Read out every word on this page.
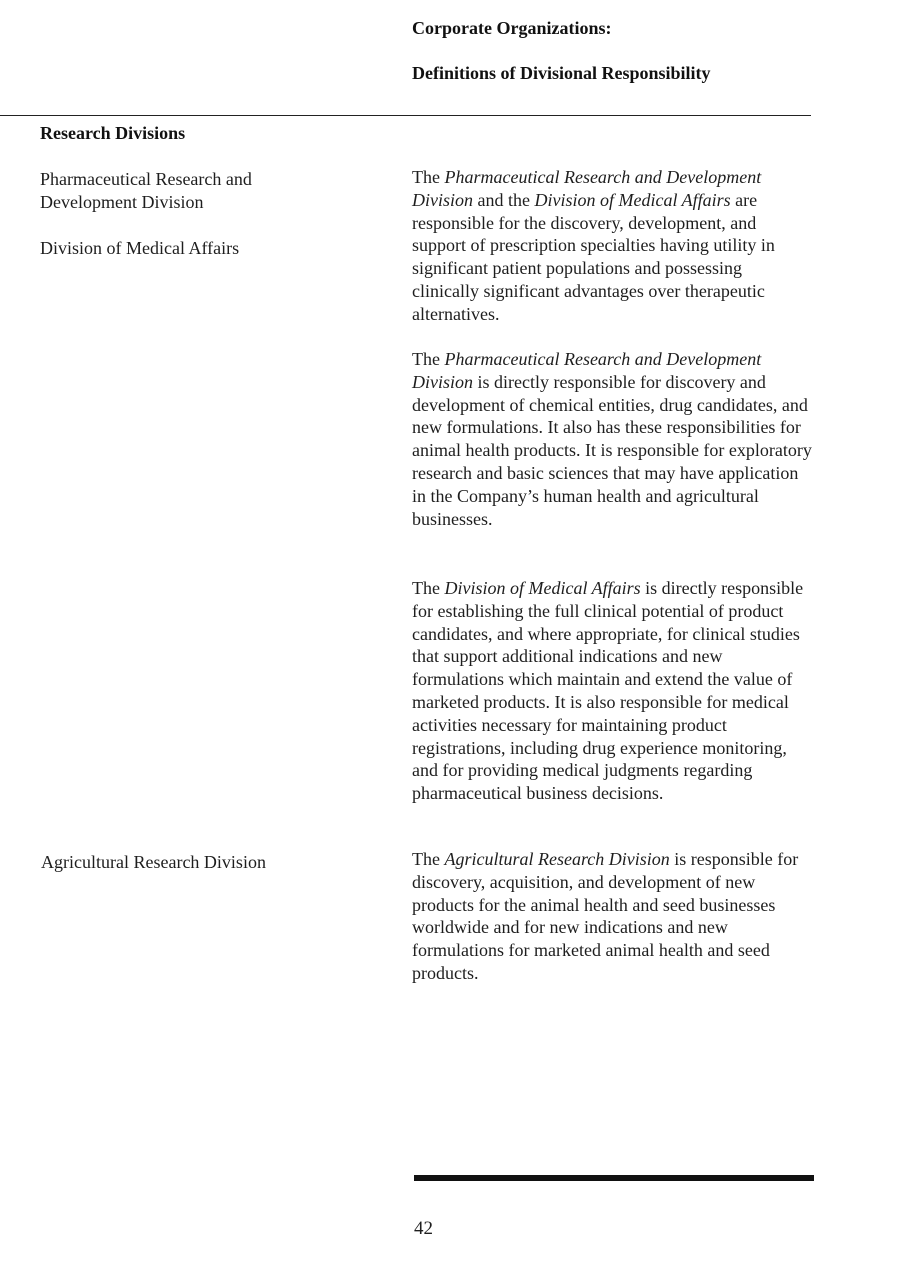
Corporate Organizations:
Definitions of Divisional Responsibility
Research Divisions
Pharmaceutical Research and Development Division
Division of Medical Affairs
Agricultural Research Division
The Pharmaceutical Research and Development Division and the Division of Medical Affairs are responsible for the discovery, development, and support of prescription specialties having utility in significant patient populations and possessing clinically significant advantages over therapeutic alternatives.
The Pharmaceutical Research and Development Division is directly responsible for discovery and development of chemical entities, drug candidates, and new formulations. It also has these responsibilities for animal health products. It is responsible for exploratory research and basic sciences that may have application in the Company’s human health and agricultural businesses.
The Division of Medical Affairs is directly responsible for establishing the full clinical potential of product candidates, and where appropriate, for clinical studies that support additional indications and new formulations which maintain and extend the value of marketed products. It is also responsible for medical activities necessary for maintaining product registrations, including drug experience monitoring, and for providing medical judgments regarding pharmaceutical business decisions.
The Agricultural Research Division is responsible for discovery, acquisition, and development of new products for the animal health and seed businesses worldwide and for new indications and new formulations for marketed animal health and seed products.
42
